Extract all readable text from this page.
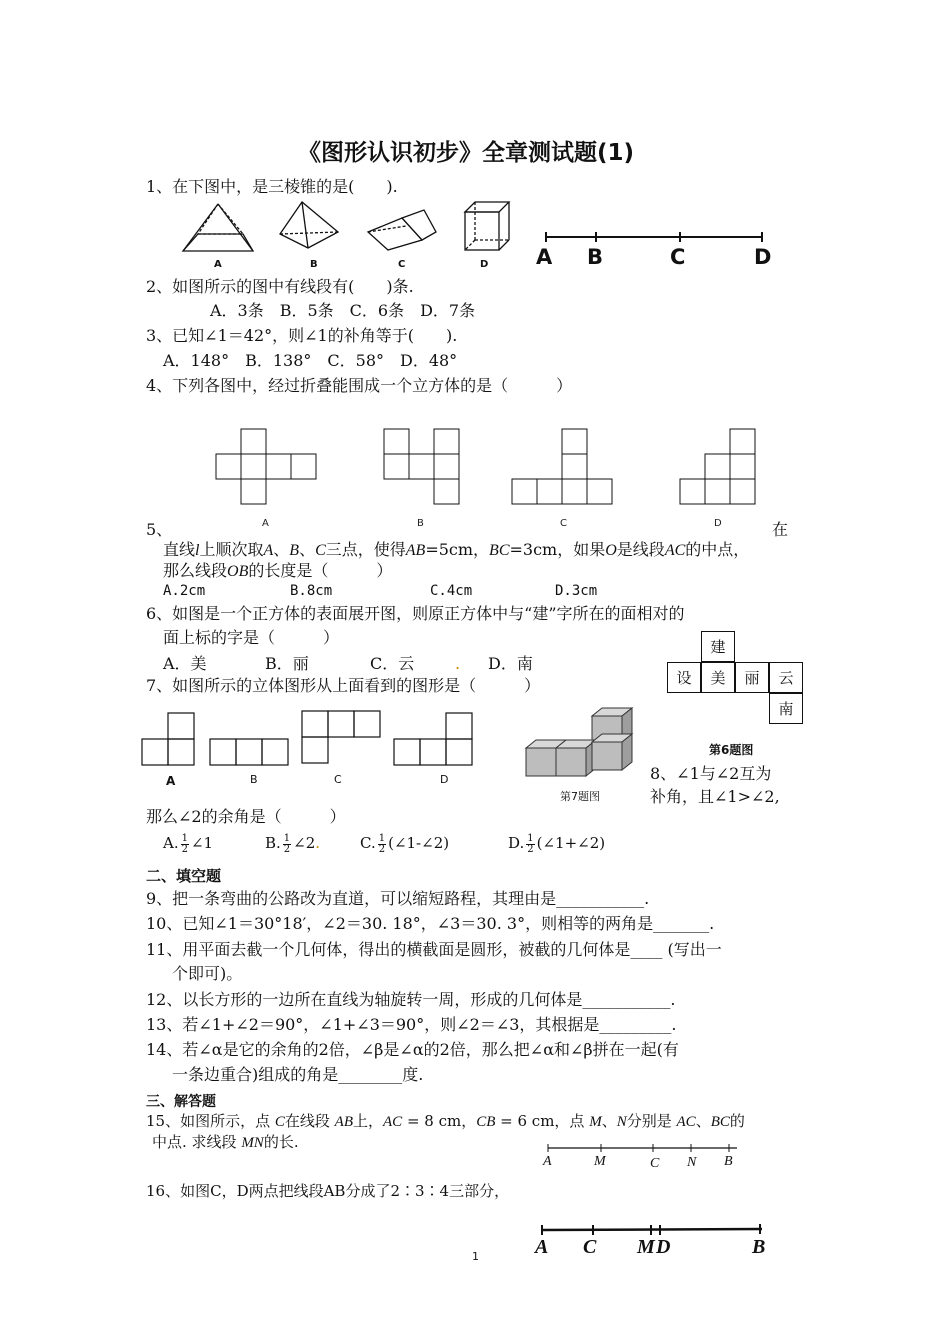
《图形认识初步》全章测试题(1)
1、在下图中，是三棱锥的是(　　).
A	B	C	D A B	C	D
2、如图所示的图中有线段有(　　)条.
A．3条　B．5条　C．6条　D．7条
3、已知∠1＝42°，则∠1的补角等于(　　).
A．148°　B．138°　C．58°　D．48°
4、下列各图中，经过折叠能围成一个立方体的是（　　　）
5、	A	B	C	D	在
直线l上顺次取A、B、C三点，使得AB=5cm，BC=3cm，如果O是线段AC的中点，
那么线段OB的长度是（　　　）
A.2cm	B.8cm	C.4cm	D.3cm
6、如图是一个正方体的表面展开图，则原正方体中与“建”字所在的面相对的
面上标的字是（　　　）
A．美	B．丽	C．云	. D．南
建
设	美	丽	云
南
第6题图
7、如图所示的立体图形从上面看到的图形是（　　　）
A	B	C	D
第7题图
8、∠1与∠2互为
补角，且∠1>∠2,
那么∠2的余角是（　　　）
A. $\frac{1}{2}$ ∠1	B. $\frac{1}{2}$ ∠2.	C. $\frac{1}{2}$ (∠1-∠2)	D. $\frac{1}{2}$ (∠1+∠2)
二、填空题
9、把一条弯曲的公路改为直道，可以缩短路程，其理由是___________.
10、已知∠1＝30°18′，∠2＝30. 18°，∠3＝30. 3°，则相等的两角是_______.
11、用平面去截一个几何体，得出的横截面是圆形，被截的几何体是____ (写出一
个即可)。
12、以长方形的一边所在直线为轴旋转一周，形成的几何体是___________.
13、若∠1+∠2＝90°，∠1+∠3＝90°，则∠2＝∠3，其根据是_________.
14、若∠α是它的余角的2倍，∠β是∠α的2倍，那么把∠α和∠β拼在一起(有
一条边重合)组成的角是________度.
三、解答题
15、如图所示，点 C在线段 AB上，AC = 8 cm，CB = 6 cm，点 M、N分别是 AC、BC的
中点. 求线段 MN的长.
A	M	C N B
16、如图C，D两点把线段AB分成了2∶3∶4三部分，
A C M D	B
1
